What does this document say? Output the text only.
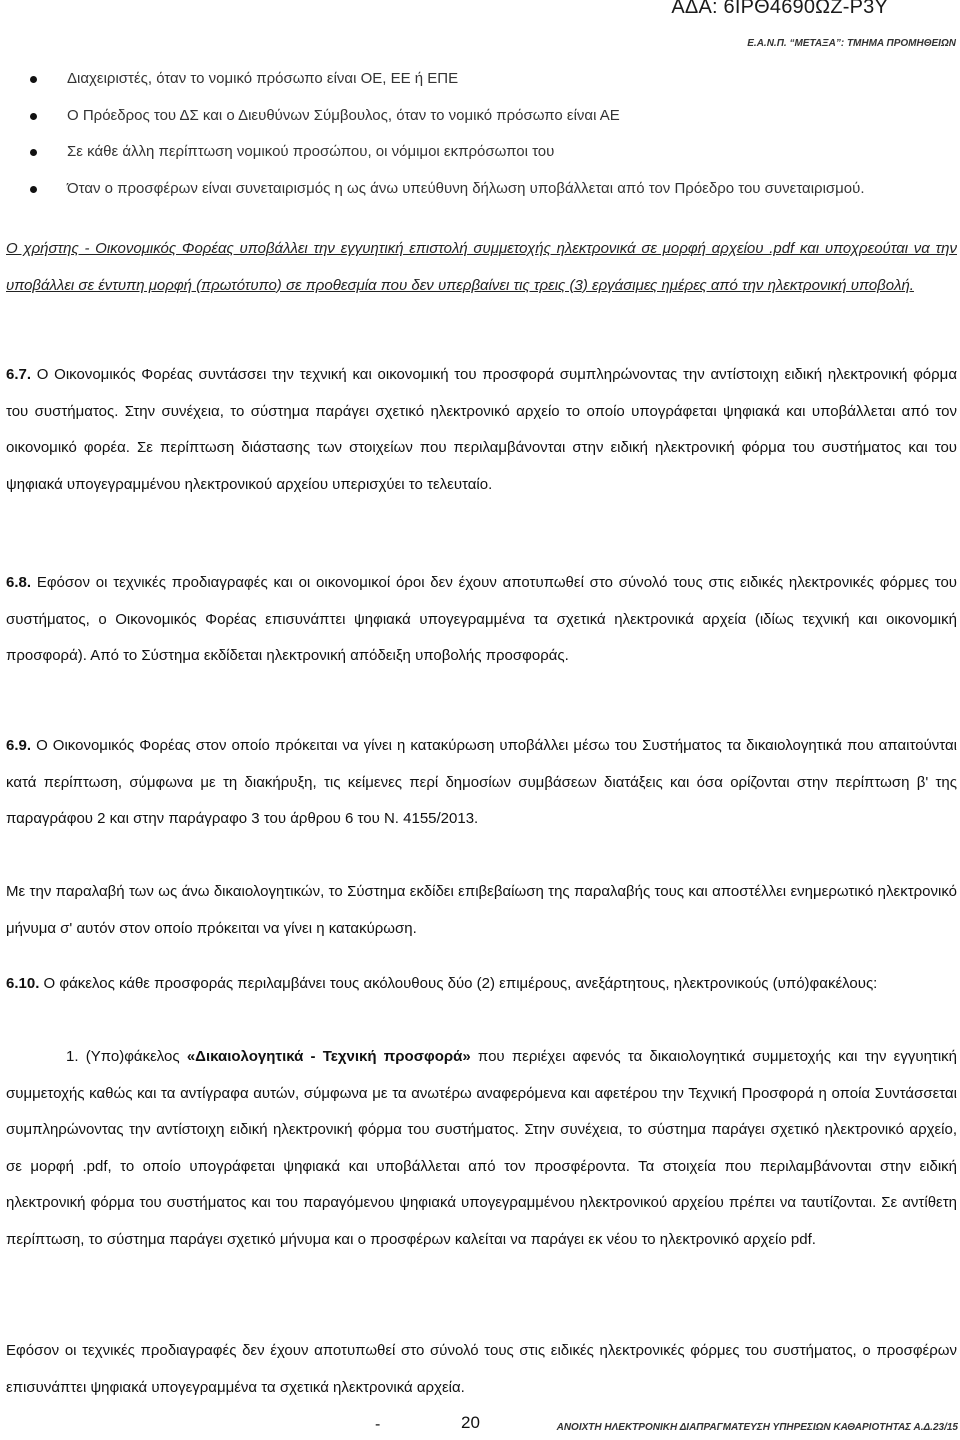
ΑΔΑ: 6ΙΡΘ4690ΩΖ-Ρ3Υ
Ε.Α.Ν.Π. “ΜΕΤΑΞΑ”: ΤΜΗΜΑ ΠΡΟΜΗΘΕΙΩΝ
Διαχειριστές, όταν το νομικό πρόσωπο είναι ΟΕ, ΕΕ ή ΕΠΕ
Ο Πρόεδρος του ΔΣ και ο Διευθύνων Σύμβουλος, όταν το νομικό πρόσωπο είναι ΑΕ
Σε κάθε άλλη περίπτωση νομικού προσώπου, οι νόμιμοι εκπρόσωποι του
Όταν ο προσφέρων είναι συνεταιρισμός η ως άνω υπεύθυνη δήλωση υποβάλλεται από τον Πρόεδρο του συνεταιρισμού.

Ο χρήστης - Οικονομικός Φορέας υποβάλλει την εγγυητική επιστολή συμμετοχής ηλεκτρονικά σε μορφή αρχείου .pdf και υποχρεούται να την υποβάλλει σε έντυπη μορφή (πρωτότυπο) σε προθεσμία που δεν υπερβαίνει τις τρεις (3) εργάσιμες ημέρες από την ηλεκτρονική υποβολή.

6.7. Ο Οικονομικός Φορέας συντάσσει την τεχνική και οικονομική του προσφορά συμπληρώνοντας την αντίστοιχη ειδική ηλεκτρονική φόρμα του συστήματος. Στην συνέχεια, το σύστημα παράγει σχετικό ηλεκτρονικό αρχείο το οποίο υπογράφεται ψηφιακά και υποβάλλεται από τον οικονομικό φορέα. Σε περίπτωση διάστασης των στοιχείων που περιλαμβάνονται στην ειδική ηλεκτρονική φόρμα του συστήματος και του ψηφιακά υπογεγραμμένου ηλεκτρονικού αρχείου υπερισχύει το τελευταίο.

6.8. Εφόσον οι τεχνικές προδιαγραφές και οι οικονομικοί όροι δεν έχουν αποτυπωθεί στο σύνολό τους στις ειδικές ηλεκτρονικές φόρμες του συστήματος, ο Οικονομικός Φορέας επισυνάπτει ψηφιακά υπογεγραμμένα τα σχετικά ηλεκτρονικά αρχεία (ιδίως τεχνική και οικονομική προσφορά). Από το Σύστημα εκδίδεται ηλεκτρονική απόδειξη υποβολής προσφοράς.

6.9. Ο Οικονομικός Φορέας στον οποίο πρόκειται να γίνει η κατακύρωση υποβάλλει μέσω του Συστήματος τα δικαιολογητικά που απαιτούνται κατά περίπτωση, σύμφωνα με τη διακήρυξη, τις κείμενες περί δημοσίων συμβάσεων διατάξεις και όσα ορίζονται στην περίπτωση β' της παραγράφου 2 και στην παράγραφο 3 του άρθρου 6 του Ν. 4155/2013.

Με την παραλαβή των ως άνω δικαιολογητικών, το Σύστημα εκδίδει επιβεβαίωση της παραλαβής τους και αποστέλλει ενημερωτικό ηλεκτρονικό μήνυμα σ' αυτόν στον οποίο πρόκειται να γίνει η κατακύρωση.

6.10. Ο φάκελος κάθε προσφοράς περιλαμβάνει τους ακόλουθους δύο (2) επιμέρους, ανεξάρτητους, ηλεκτρονικούς (υπό)φακέλους:

1. (Υπο)φάκελος «Δικαιολογητικά - Τεχνική προσφορά» που περιέχει αφενός τα δικαιολογητικά συμμετοχής και την εγγυητική συμμετοχής καθώς και τα αντίγραφα αυτών, σύμφωνα με τα ανωτέρω αναφερόμενα και αφετέρου την Τεχνική Προσφορά η οποία Συντάσσεται συμπληρώνοντας την αντίστοιχη ειδική ηλεκτρονική φόρμα του συστήματος. Στην συνέχεια, το σύστημα παράγει σχετικό ηλεκτρονικό αρχείο, σε μορφή .pdf, το οποίο υπογράφεται ψηφιακά και υποβάλλεται από τον προσφέροντα. Τα στοιχεία που περιλαμβάνονται στην ειδική ηλεκτρονική φόρμα του συστήματος και του παραγόμενου ψηφιακά υπογεγραμμένου ηλεκτρονικού αρχείου πρέπει να ταυτίζονται. Σε αντίθετη περίπτωση, το σύστημα παράγει σχετικό μήνυμα και ο προσφέρων καλείται να παράγει εκ νέου το ηλεκτρονικό αρχείο pdf.

Εφόσον οι τεχνικές προδιαγραφές δεν έχουν αποτυπωθεί στο σύνολό τους στις ειδικές ηλεκτρονικές φόρμες του συστήματος, ο προσφέρων επισυνάπτει ψηφιακά υπογεγραμμένα τα σχετικά ηλεκτρονικά αρχεία.

-	20	ΑΝΟΙΧΤΗ ΗΛΕΚΤΡΟΝΙΚΗ ΔΙΑΠΡΑΓΜΑΤΕΥΣΗ ΥΠΗΡΕΣΙΩΝ ΚΑΘΑΡΙΟΤΗΤΑΣ Α.Δ.23/15
